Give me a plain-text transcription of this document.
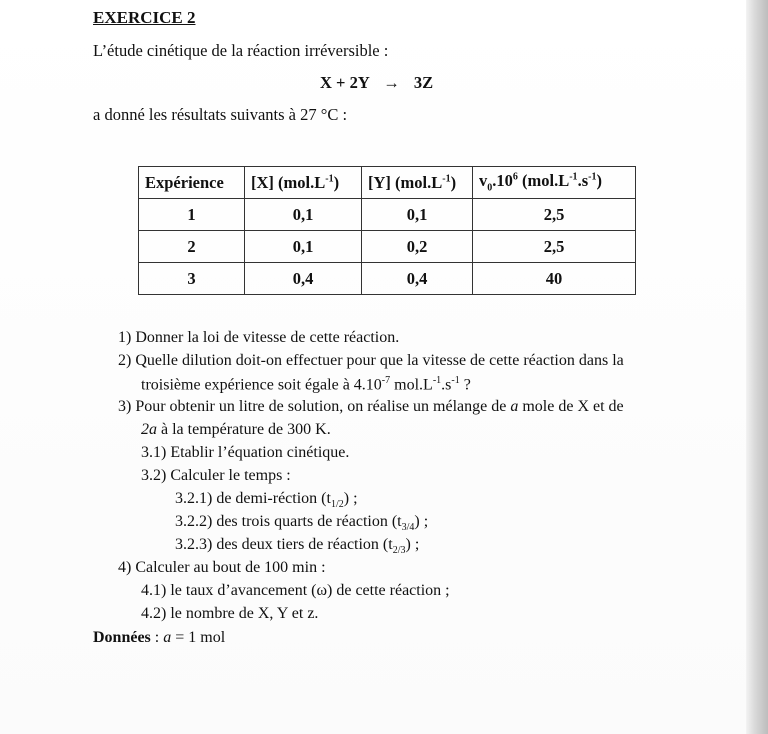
EXERCICE 2
L’étude cinétique de la réaction irréversible :
X + 2Y → 3Z
a donné les résultats suivants à 27 °C :
Expérience	[X] $(mol.L^{-1})$	[Y] $(mol.L^{-1})$	$v_0.10^6$ $(mol.L^{-1}.s^{-1})$
1	0,1	0,1	2,5
2	0,1	0,2	2,5
3	0,4	0,4	40
1) Donner la loi de vitesse de cette réaction.
2) Quelle dilution doit-on effectuer pour que la vitesse de cette réaction dans la
troisième expérience soit égale à $4.10^{-7}$ $mol.L^{-1}.s^{-1}$ ?
3) Pour obtenir un litre de solution, on réalise un mélange de a mole de X et de
2a à la température de 300 K.
3.1) Etablir l’équation cinétique.
3.2) Calculer le temps :
3.2.1) de demi-réction $(t_{1/2})$ ;
3.2.2) des trois quarts de réaction $(t_{3/4})$ ;
3.2.3) des deux tiers de réaction $(t_{2/3})$ ;
4) Calculer au bout de 100 min :
4.1) le taux d’avancement (ω) de cette réaction ;
4.2) le nombre de X, Y et z.
Données : a = 1 mol
